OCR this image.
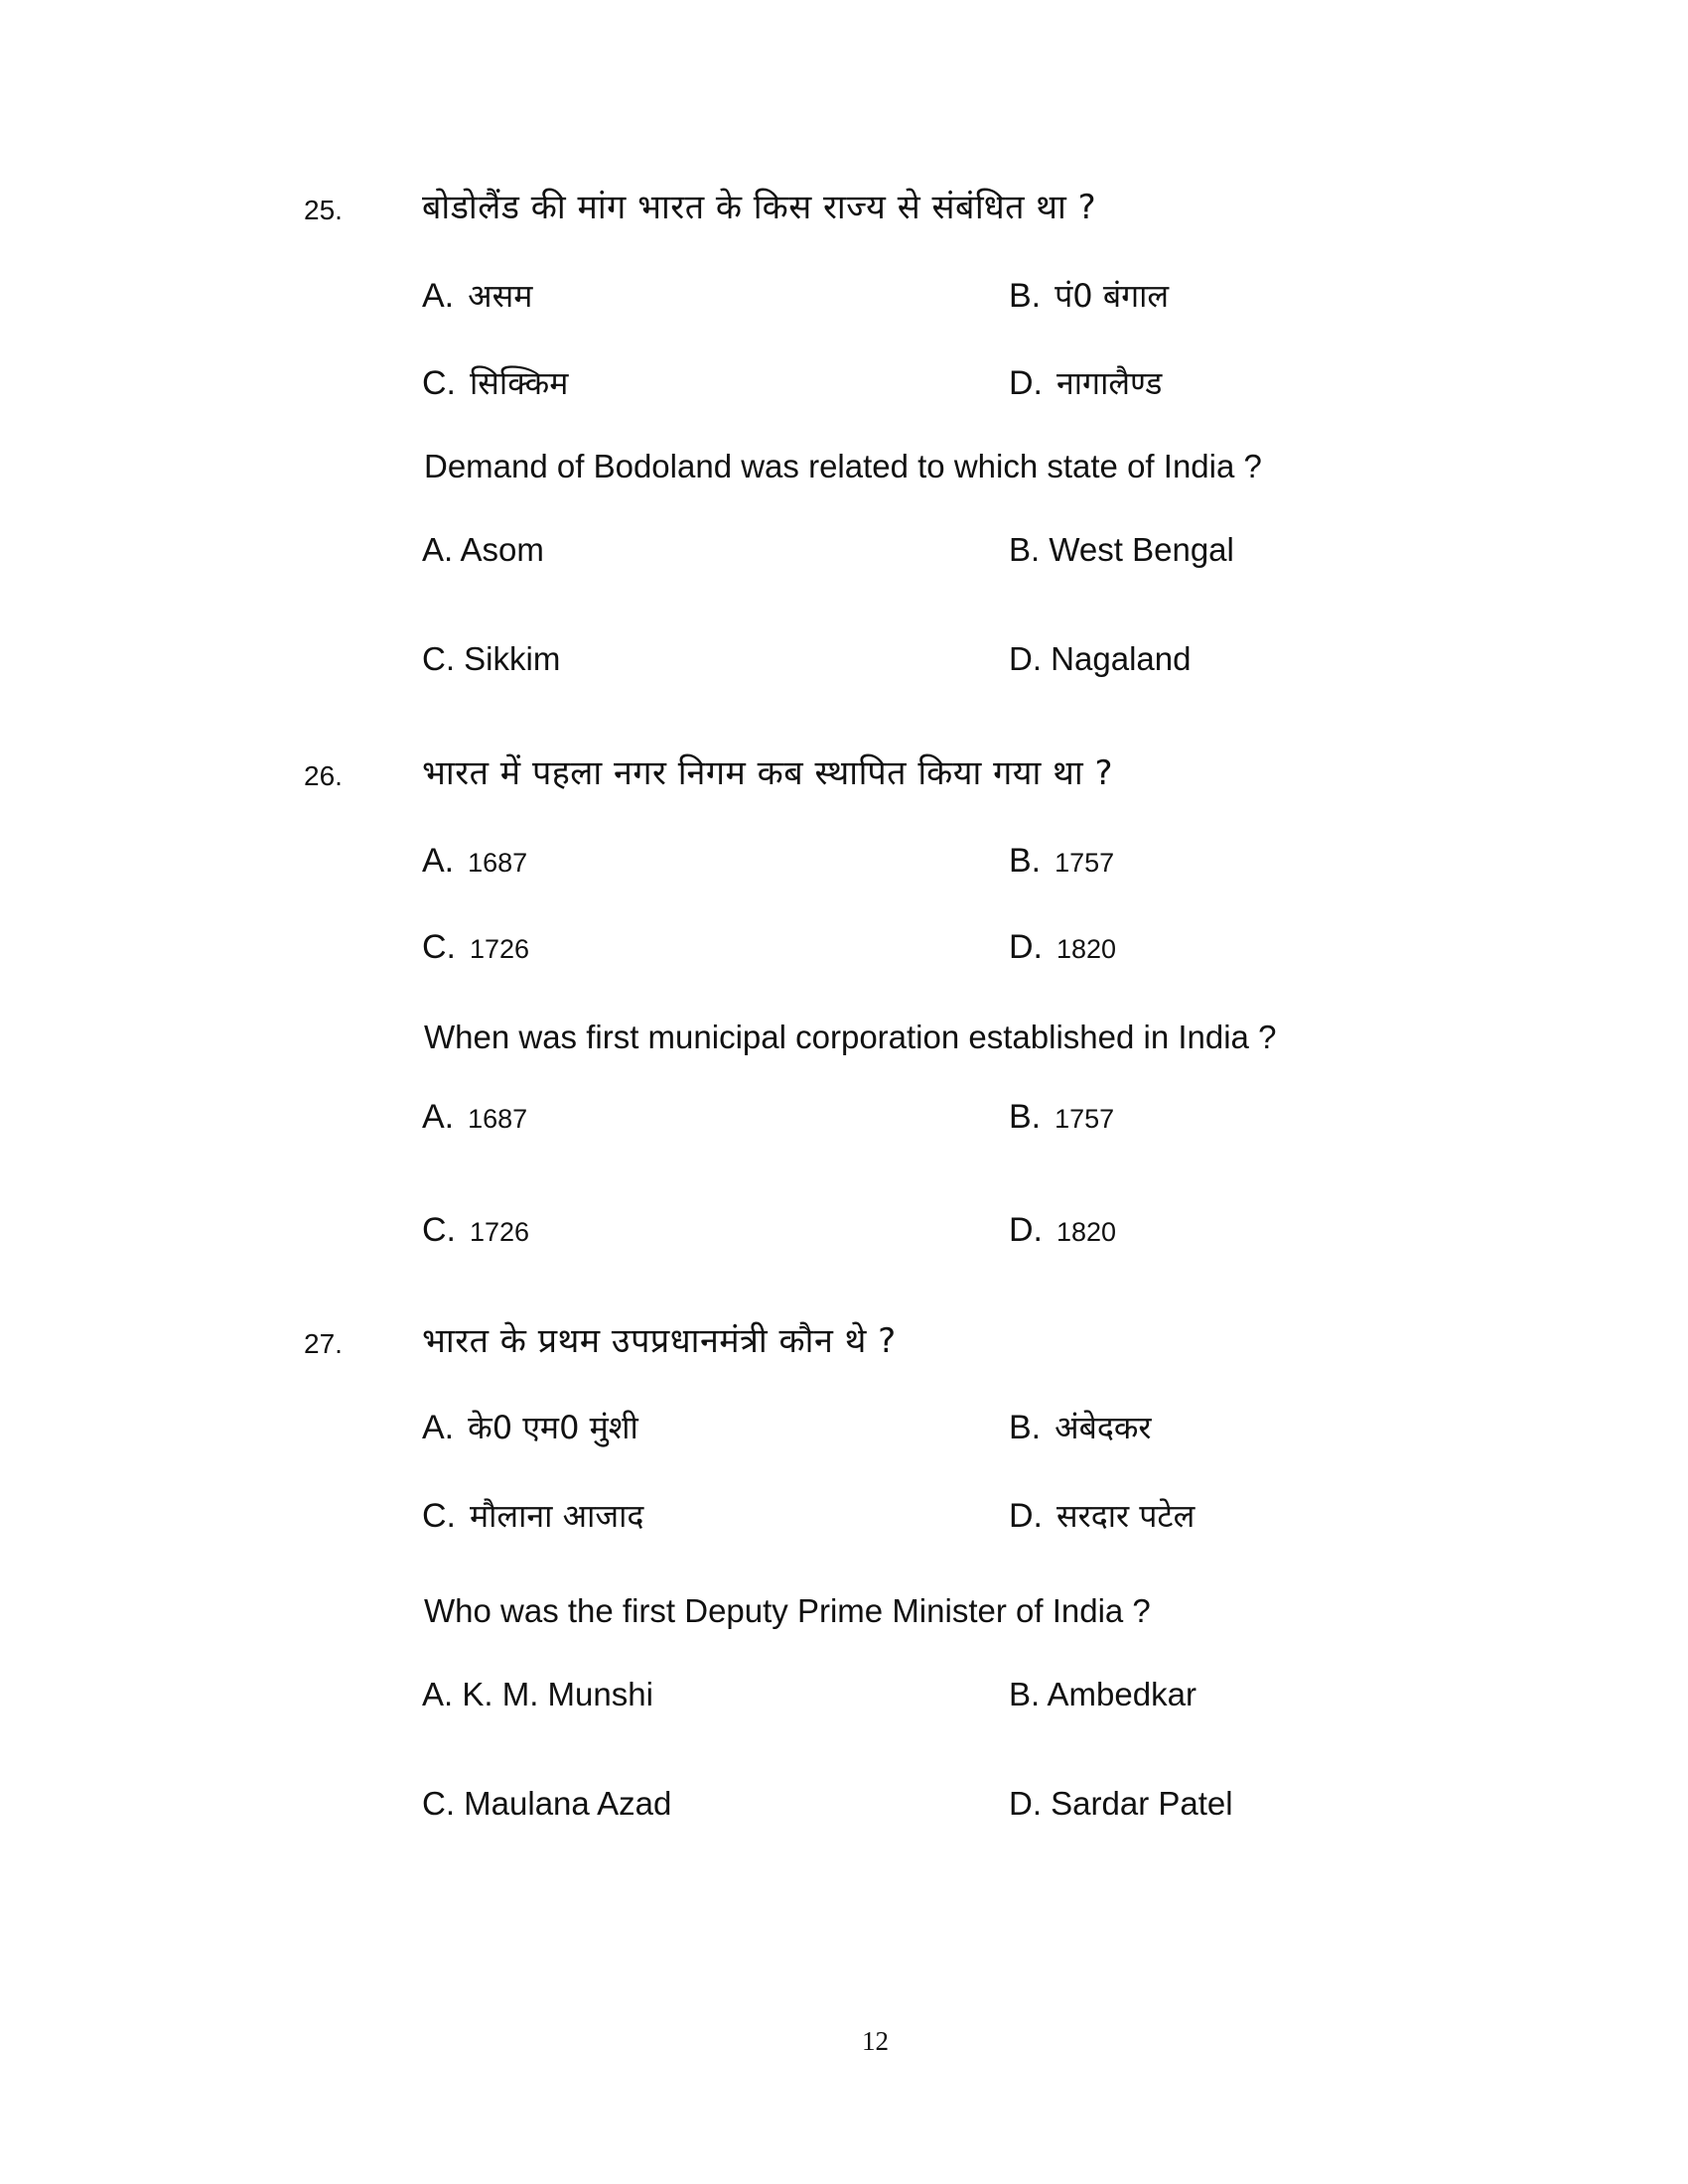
25. बोडोलैंड की मांग भारत के किस राज्य से संबंधित था ?
A. असम	B. पं0 बंगाल
C. सिक्किम	D. नागालैण्ड
Demand of Bodoland was related to which state of India ?
A. Asom	B. West Bengal
C. Sikkim	D. Nagaland
26. भारत में पहला नगर निगम कब स्थापित किया गया था ?
A. 1687	B. 1757
C. 1726	D. 1820
When was first municipal corporation established in India ?
A. 1687	B. 1757
C. 1726	D. 1820
27. भारत के प्रथम उपप्रधानमंत्री कौन थे ?
A. के0 एम0 मुंशी	B. अंबेदकर
C. मौलाना आजाद	D. सरदार पटेल
Who was the first Deputy Prime Minister of India ?
A. K. M. Munshi	B. Ambedkar
C. Maulana Azad	D. Sardar Patel
12
